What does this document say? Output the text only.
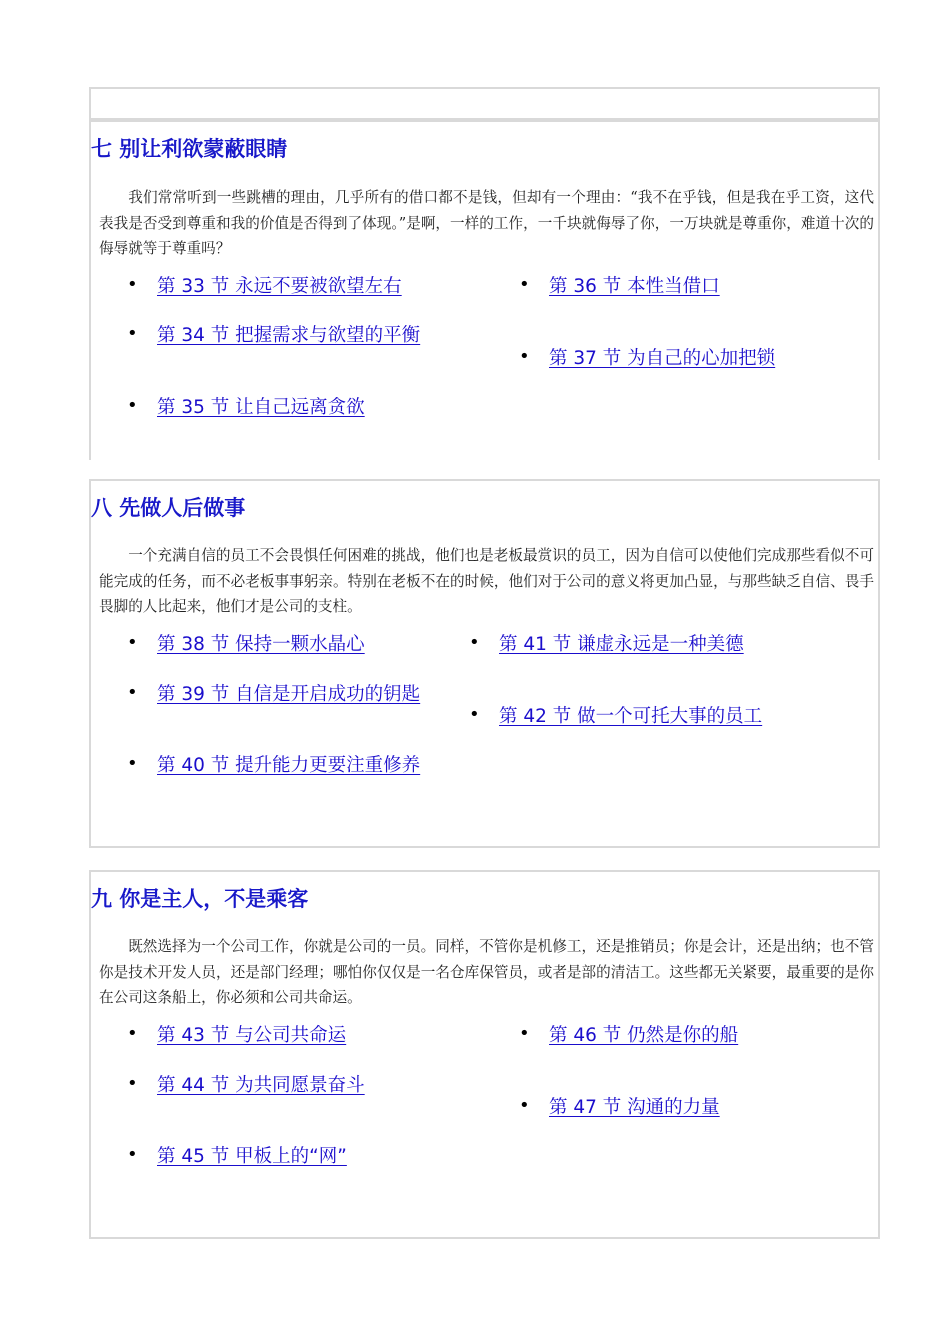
七 别让利欲蒙蔽眼睛

我们常常听到一些跳槽的理由，几乎所有的借口都不是钱，但却有一个理由：“我不在乎钱，但是我在乎工资，这代表我是否受到尊重和我的价值是否得到了体现。”是啊，一样的工作，一千块就侮辱了你，一万块就是尊重你，难道十次的侮辱就等于尊重吗？

• 第 33 节 永远不要被欲望左右
• 第 34 节 把握需求与欲望的平衡
• 第 35 节 让自己远离贪欲
• 第 36 节 本性当借口
• 第 37 节 为自己的心加把锁
八 先做人后做事

一个充满自信的员工不会畏惧任何困难的挑战，他们也是老板最赏识的员工，因为自信可以使他们完成那些看似不可能完成的任务，而不必老板事事躬亲。特别在老板不在的时候，他们对于公司的意义将更加凸显，与那些缺乏自信、畏手畏脚的人比起来，他们才是公司的支柱。

• 第 38 节 保持一颗水晶心
• 第 39 节 自信是开启成功的钥匙
• 第 40 节 提升能力更要注重修养
• 第 41 节 谦虚永远是一种美德
• 第 42 节 做一个可托大事的员工
九 你是主人，不是乘客

既然选择为一个公司工作，你就是公司的一员。同样，不管你是机修工，还是推销员；你是会计，还是出纳；也不管你是技术开发人员，还是部门经理；哪怕你仅仅是一名仓库保管员，或者是部的清洁工。这些都无关紧要，最重要的是你在公司这条船上，你必须和公司共命运。

• 第 43 节 与公司共命运
• 第 44 节 为共同愿景奋斗
• 第 45 节 甲板上的“网”
• 第 46 节 仍然是你的船
• 第 47 节 沟通的力量
